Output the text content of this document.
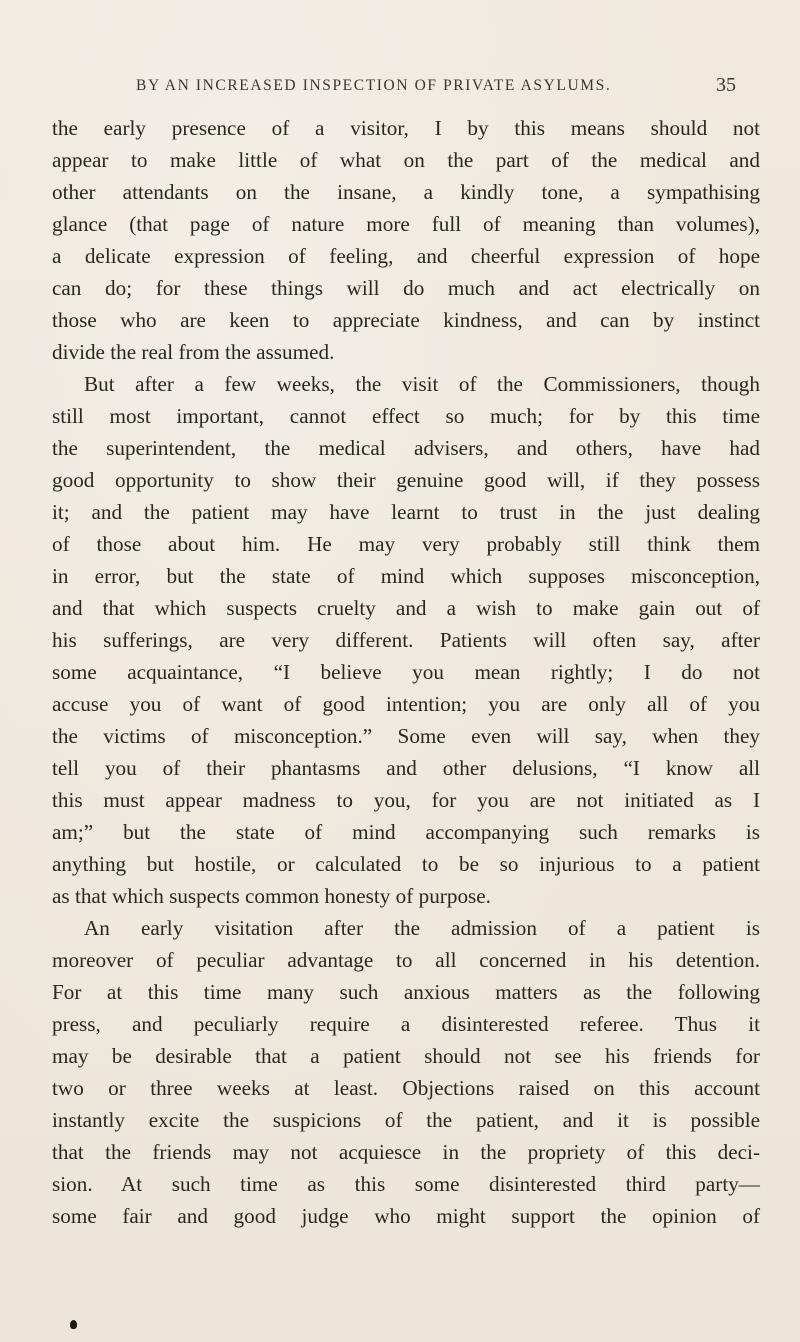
BY AN INCREASED INSPECTION OF PRIVATE ASYLUMS.	35
the early presence of a visitor, I by this means should not
appear to make little of what on the part of the medical and
other attendants on the insane, a kindly tone, a sympathising
glance (that page of nature more full of meaning than volumes),
a delicate expression of feeling, and cheerful expression of hope
can do; for these things will do much and act electrically on
those who are keen to appreciate kindness, and can by instinct
divide the real from the assumed.
But after a few weeks, the visit of the Commissioners, though
still most important, cannot effect so much; for by this time
the superintendent, the medical advisers, and others, have had
good opportunity to show their genuine good will, if they possess
it; and the patient may have learnt to trust in the just dealing
of those about him. He may very probably still think them
in error, but the state of mind which supposes misconception,
and that which suspects cruelty and a wish to make gain out of
his sufferings, are very different. Patients will often say, after
some acquaintance, “I believe you mean rightly; I do not
accuse you of want of good intention; you are only all of you
the victims of misconception.” Some even will say, when they
tell you of their phantasms and other delusions, “I know all
this must appear madness to you, for you are not initiated as I
am;” but the state of mind accompanying such remarks is
anything but hostile, or calculated to be so injurious to a patient
as that which suspects common honesty of purpose.
An early visitation after the admission of a patient is
moreover of peculiar advantage to all concerned in his detention.
For at this time many such anxious matters as the following
press, and peculiarly require a disinterested referee. Thus it
may be desirable that a patient should not see his friends for
two or three weeks at least. Objections raised on this account
instantly excite the suspicions of the patient, and it is possible
that the friends may not acquiesce in the propriety of this deci-
sion. At such time as this some disinterested third party—
some fair and good judge who might support the opinion of
